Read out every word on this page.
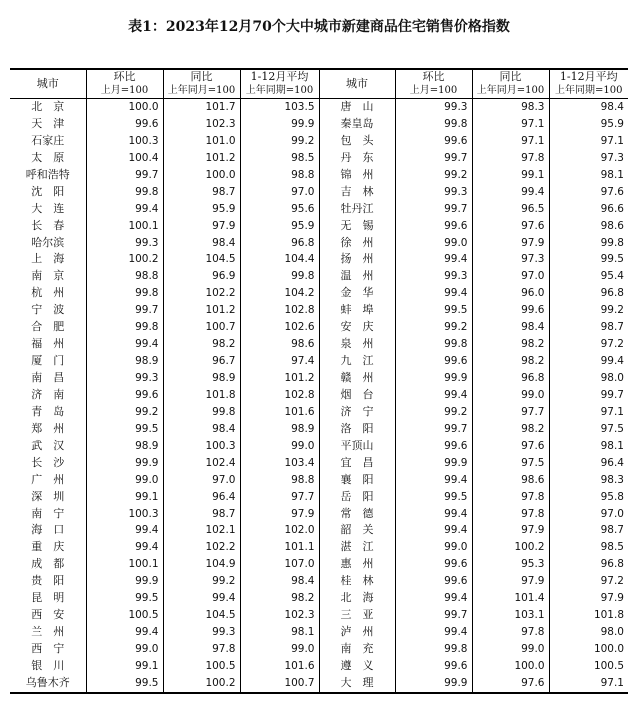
表1：2023年12月70个大中城市新建商品住宅销售价格指数
城市	环比	同比	1-12月平均	城市	环比	同比	1-12月平均
	上月=100	上年同月=100	上年同期=100		上月=100	上年同月=100	上年同期=100
北　京	100.0	101.7	103.5	唐　山	99.3	98.3	98.4
天　津	99.6	102.3	99.9	秦皇岛	99.8	97.1	95.9
石家庄	100.3	101.0	99.2	包　头	99.6	97.1	97.1
太　原	100.4	101.2	98.5	丹　东	99.7	97.8	97.3
呼和浩特	99.7	100.0	98.8	锦　州	99.2	99.1	98.1
沈　阳	99.8	98.7	97.0	吉　林	99.3	99.4	97.6
大　连	99.4	95.9	95.6	牡丹江	99.7	96.5	96.6
长　春	100.1	97.9	95.9	无　锡	99.6	97.6	98.6
哈尔滨	99.3	98.4	96.8	徐　州	99.0	97.9	99.8
上　海	100.2	104.5	104.4	扬　州	99.4	97.3	99.5
南　京	98.8	96.9	99.8	温　州	99.3	97.0	95.4
杭　州	99.8	102.2	104.2	金　华	99.4	96.0	96.8
宁　波	99.7	101.2	102.8	蚌　埠	99.5	99.6	99.2
合　肥	99.8	100.7	102.6	安　庆	99.2	98.4	98.7
福　州	99.4	98.2	98.6	泉　州	99.8	98.2	97.2
厦　门	98.9	96.7	97.4	九　江	99.6	98.2	99.4
南　昌	99.3	98.9	101.2	赣　州	99.9	96.8	98.0
济　南	99.6	101.8	102.8	烟　台	99.4	99.0	99.7
青　岛	99.2	99.8	101.6	济　宁	99.2	97.7	97.1
郑　州	99.5	98.4	98.9	洛　阳	99.7	98.2	97.5
武　汉	98.9	100.3	99.0	平顶山	99.6	97.6	98.1
长　沙	99.9	102.4	103.4	宜　昌	99.9	97.5	96.4
广　州	99.0	97.0	98.8	襄　阳	99.4	98.6	98.3
深　圳	99.1	96.4	97.7	岳　阳	99.5	97.8	95.8
南　宁	100.3	98.7	97.9	常　德	99.4	97.8	97.0
海　口	99.4	102.1	102.0	韶　关	99.4	97.9	98.7
重　庆	99.4	102.2	101.1	湛　江	99.0	100.2	98.5
成　都	100.1	104.9	107.0	惠　州	99.6	95.3	96.8
贵　阳	99.9	99.2	98.4	桂　林	99.6	97.9	97.2
昆　明	99.5	99.4	98.2	北　海	99.4	101.4	97.9
西　安	100.5	104.5	102.3	三　亚	99.7	103.1	101.8
兰　州	99.4	99.3	98.1	泸　州	99.4	97.8	98.0
西　宁	99.0	97.8	99.0	南　充	99.8	99.0	100.0
银　川	99.1	100.5	101.6	遵　义	99.6	100.0	100.5
乌鲁木齐	99.5	100.2	100.7	大　理	99.9	97.6	97.1
